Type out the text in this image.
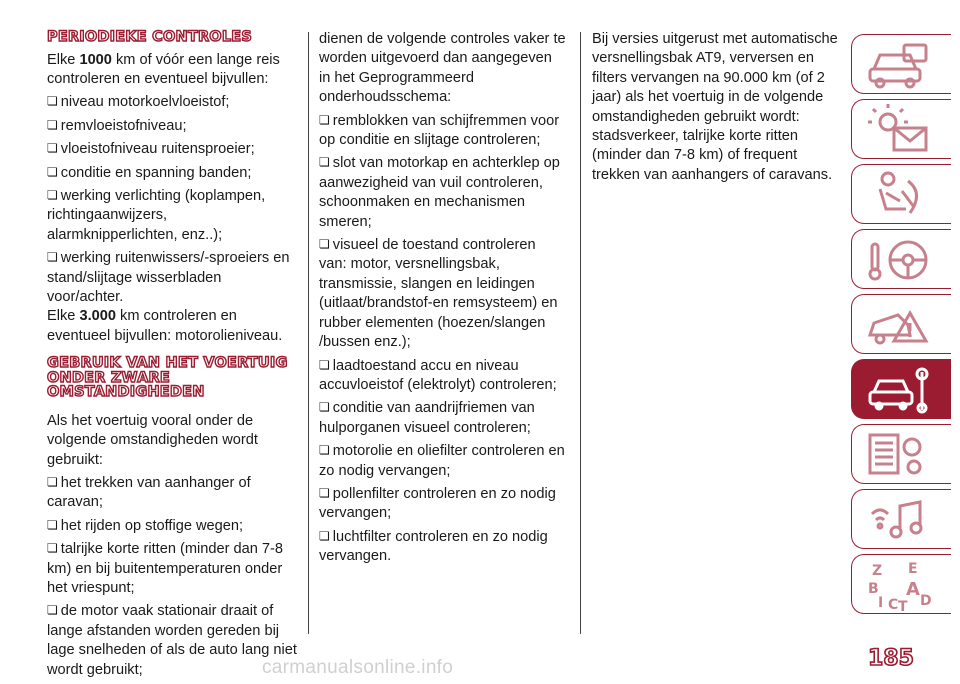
PERIODIEKE CONTROLES

Elke 1000 km of vóór een lange reis controleren en eventueel bijvullen:

❏ niveau motorkoelvloeistof;

❏ remvloeistofniveau;

❏ vloeistofniveau ruitensproeier;

❏ conditie en spanning banden;

❏ werking verlichting (koplampen, richtingaanwijzers, alarmknipperlichten, enz..);

❏ werking ruitenwissers/-sproeiers en stand/slijtage wisserbladen voor/achter.

Elke 3.000 km controleren en eventueel bijvullen: motorolieniveau.

GEBRUIK VAN HET VOERTUIG ONDER ZWARE OMSTANDIGHEDEN

Als het voertuig vooral onder de volgende omstandigheden wordt gebruikt:

❏ het trekken van aanhanger of caravan;

❏ het rijden op stoffige wegen;

❏ talrijke korte ritten (minder dan 7-8 km) en bij buitentemperaturen onder het vriespunt;

❏ de motor vaak stationair draait of lange afstanden worden gereden bij lage snelheden of als de auto lang niet wordt gebruikt;

dienen de volgende controles vaker te worden uitgevoerd dan aangegeven in het Geprogrammeerd onderhoudsschema:

❏ remblokken van schijfremmen voor op conditie en slijtage controleren;

❏ slot van motorkap en achterklep op aanwezigheid van vuil controleren, schoonmaken en mechanismen smeren;

❏ visueel de toestand controleren van: motor, versnellingsbak, transmissie, slangen en leidingen (uitlaat/brandstof-en remsysteem) en rubber elementen (hoezen/slangen /bussen enz.);

❏ laadtoestand accu en niveau accuvloeistof (elektrolyt) controleren;

❏ conditie van aandrijfriemen van hulporganen visueel controleren;

❏ motorolie en oliefilter controleren en zo nodig vervangen;

❏ pollenfilter controleren en zo nodig vervangen;

❏ luchtfilter controleren en zo nodig vervangen.

Bij versies uitgerust met automatische versnellingsbak AT9, verversen en filters vervangen na 90.000 km (of 2 jaar) als het voertuig in de volgende omstandigheden gebruikt wordt: stadsverkeer, talrijke korte ritten (minder dan 7-8 km) of frequent trekken van aanhangers of caravans.

Z E
B A
I C T D
185
carmanualsonline.info
